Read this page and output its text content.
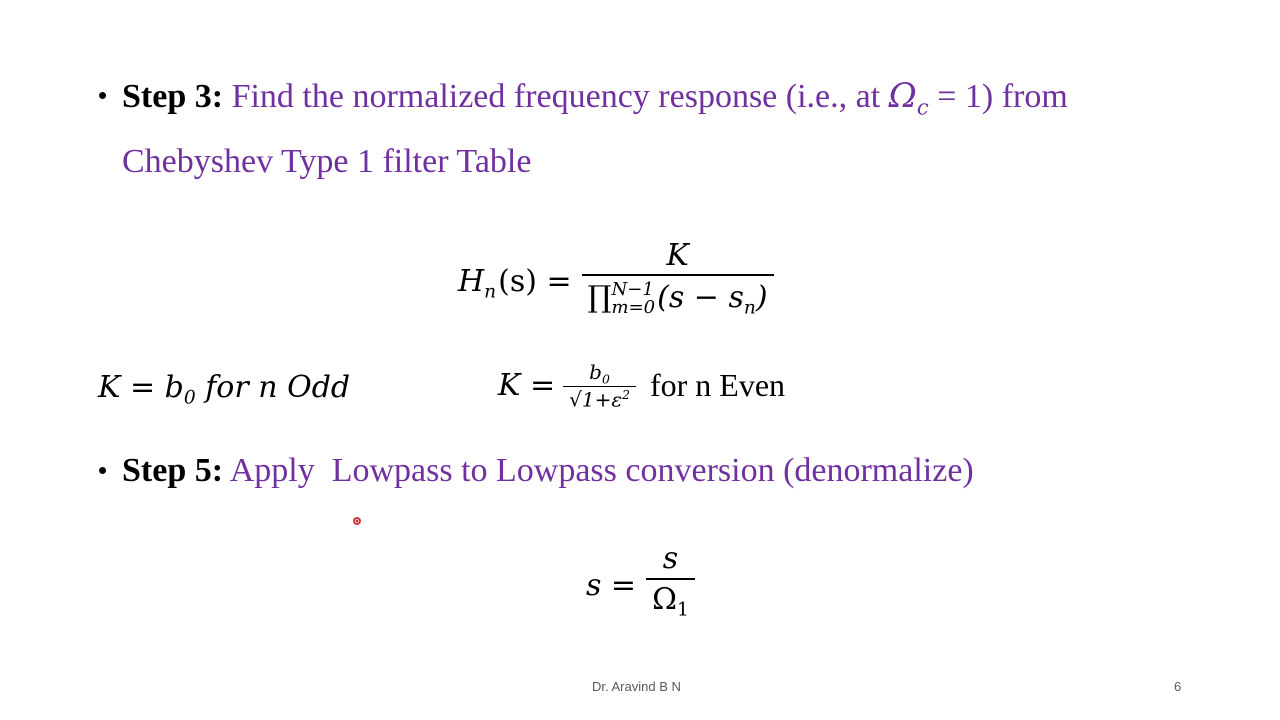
• Step 3: Find the normalized frequency response (i.e., at $\Omega_c = 1$) from
Chebyshev Type 1 filter Table
$H_n(s) = K$
∏ N−1
m=0 $(s - s_n)$
$K = b_0$ for n Odd	$K = \frac{b_0}{√1+\varepsilon^2}$ for n Even
• Step 5: Apply  Lowpass to Lowpass conversion (denormalize)
$s = \frac{s}{\Omega_1}$
Dr. Aravind B N	6
